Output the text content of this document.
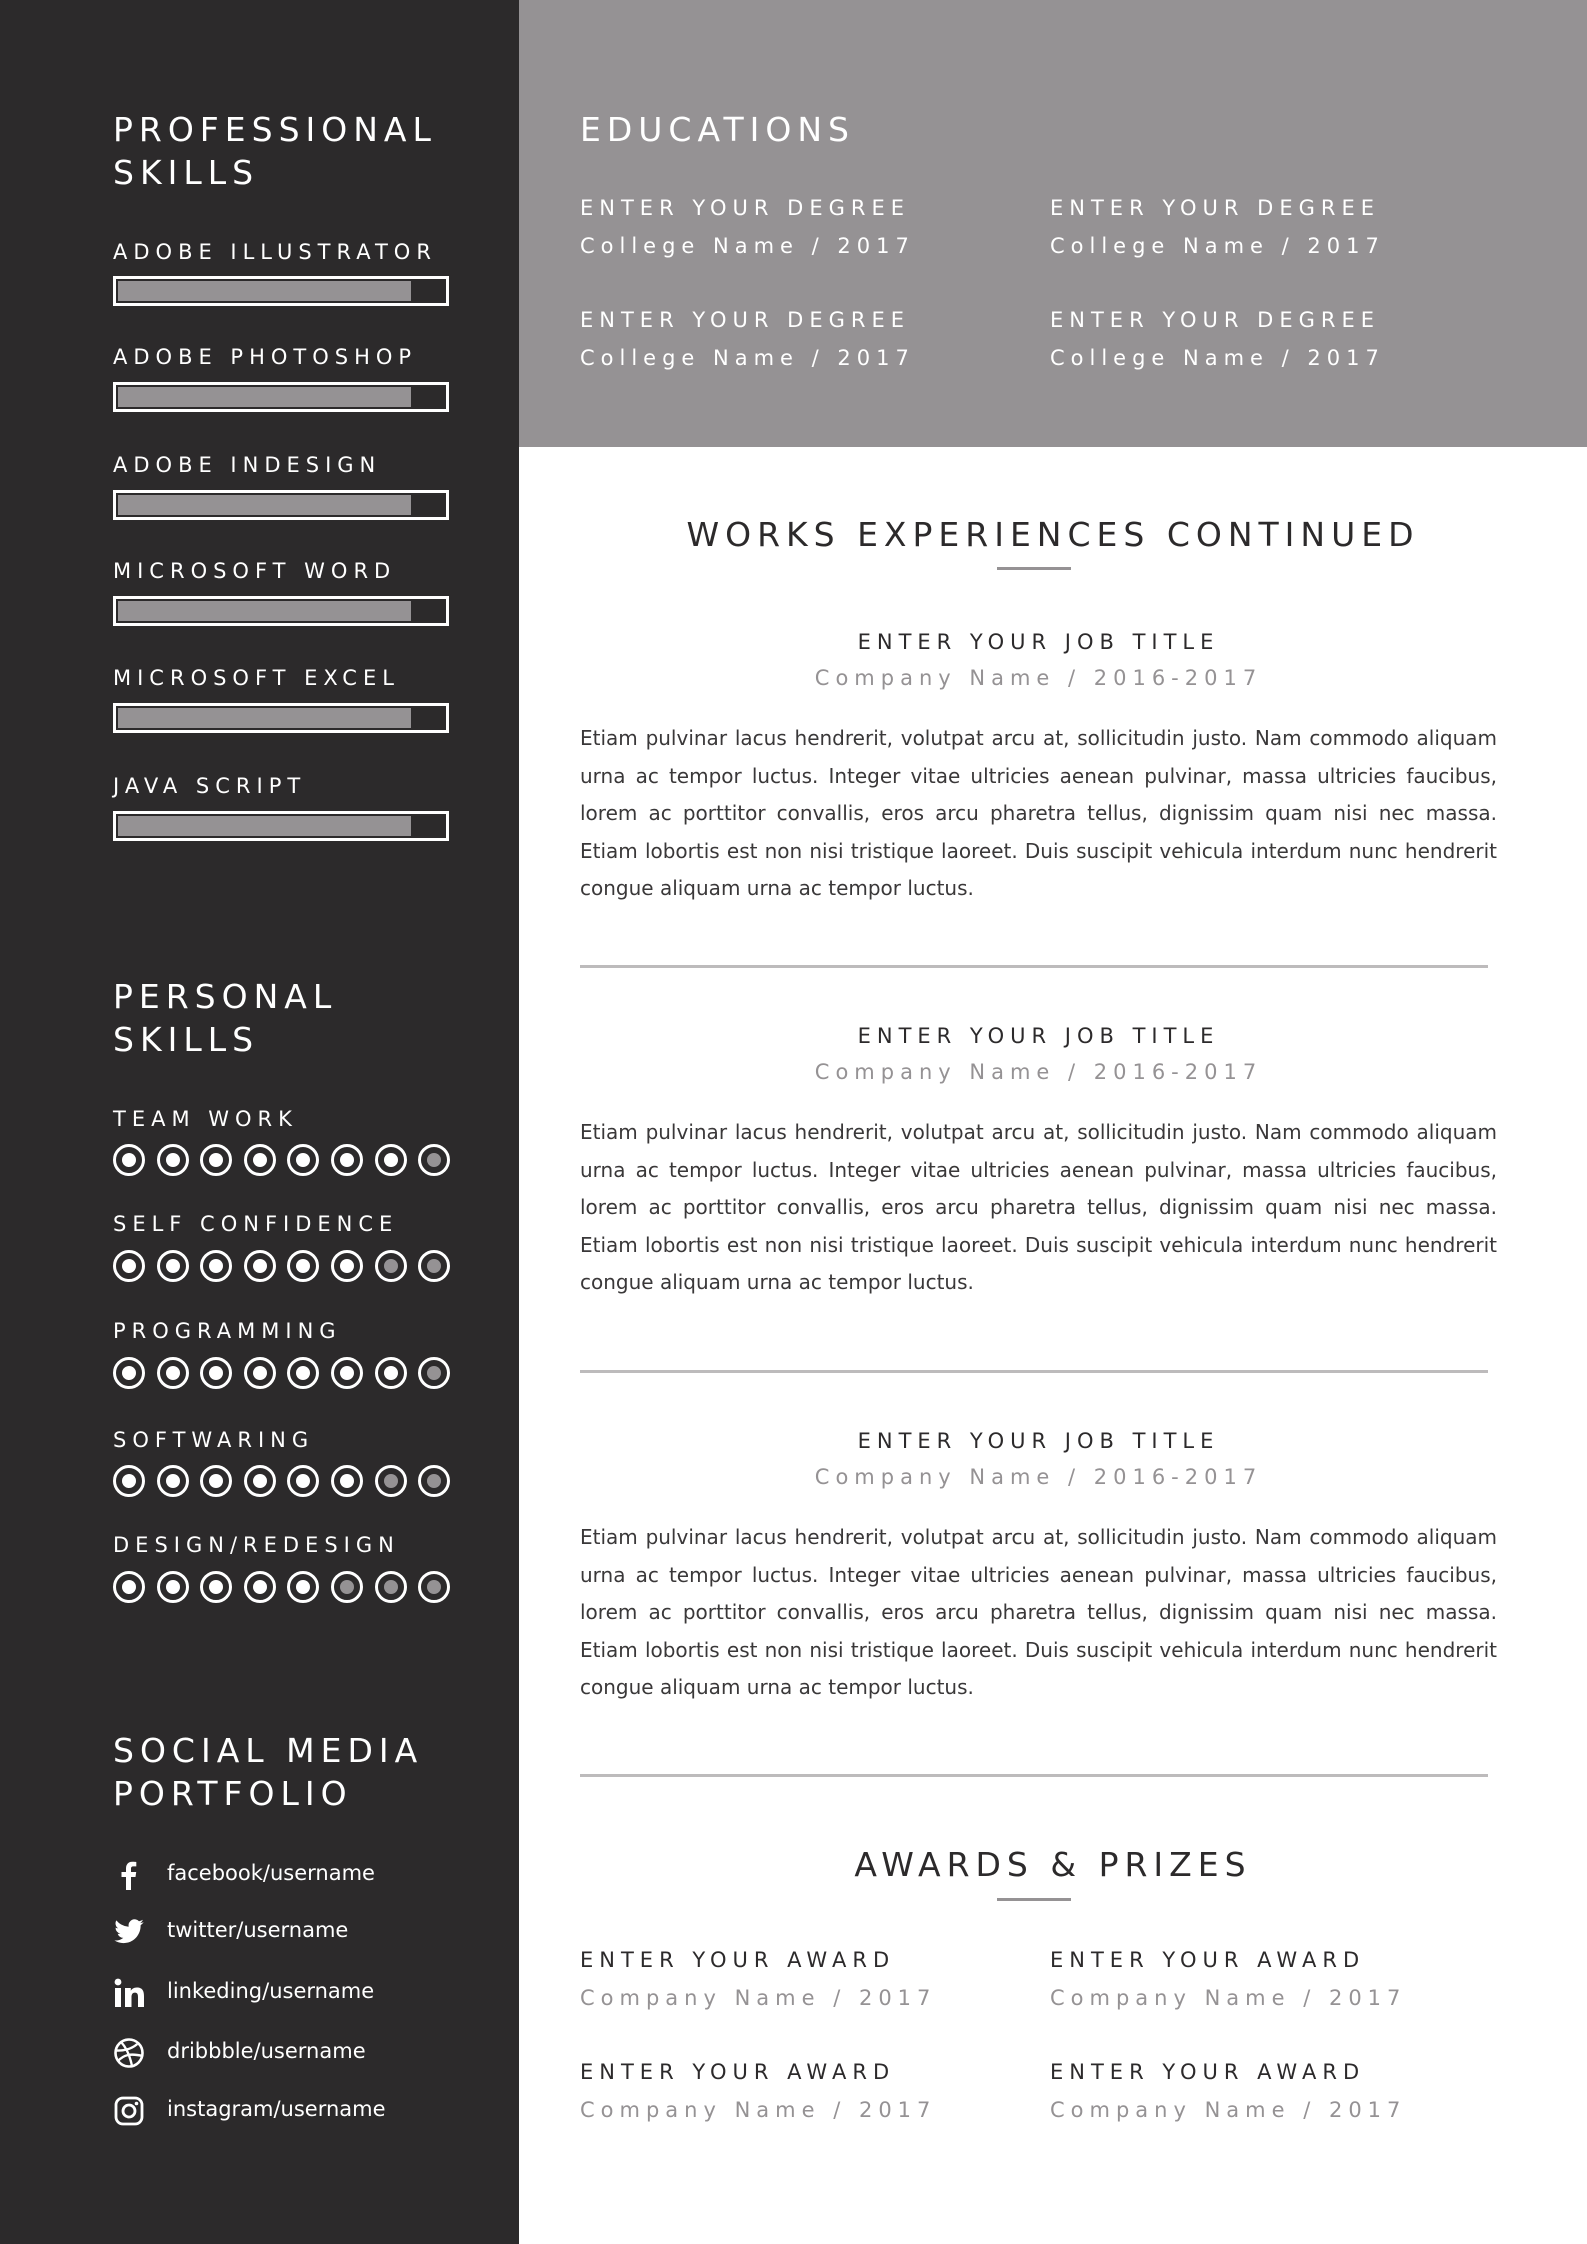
PROFESSIONAL
SKILLS
ADOBE ILLUSTRATOR
ADOBE PHOTOSHOP
ADOBE INDESIGN
MICROSOFT WORD
MICROSOFT EXCEL
JAVA SCRIPT
PERSONAL
SKILLS
TEAM WORK
SELF CONFIDENCE
PROGRAMMING
SOFTWARING
DESIGN/REDESIGN
SOCIAL MEDIA
PORTFOLIO
facebook/username
twitter/username
linkeding/username
dribbble/username
instagram/username
EDUCATIONS
ENTER YOUR DEGREE
College Name / 2017
ENTER YOUR DEGREE
College Name / 2017
ENTER YOUR DEGREE
College Name / 2017
ENTER YOUR DEGREE
College Name / 2017
WORKS EXPERIENCES CONTINUED
ENTER YOUR JOB TITLE
Company Name / 2016-2017
Etiam pulvinar lacus hendrerit, volutpat arcu at, sollicitudin justo. Nam commodo aliquam urna ac tempor luctus. Integer vitae ultricies aenean pulvinar, massa ultricies faucibus, lorem ac porttitor convallis, eros arcu pharetra tellus, dignissim quam nisi nec massa. Etiam lobortis est non nisi tristique laoreet. Duis suscipit vehicula interdum nunc hendrerit congue aliquam urna ac tempor luctus.
ENTER YOUR JOB TITLE
Company Name / 2016-2017
Etiam pulvinar lacus hendrerit, volutpat arcu at, sollicitudin justo. Nam commodo aliquam urna ac tempor luctus. Integer vitae ultricies aenean pulvinar, massa ultricies faucibus, lorem ac porttitor convallis, eros arcu pharetra tellus, dignissim quam nisi nec massa. Etiam lobortis est non nisi tristique laoreet. Duis suscipit vehicula interdum nunc hendrerit congue aliquam urna ac tempor luctus.
ENTER YOUR JOB TITLE
Company Name / 2016-2017
Etiam pulvinar lacus hendrerit, volutpat arcu at, sollicitudin justo. Nam commodo aliquam urna ac tempor luctus. Integer vitae ultricies aenean pulvinar, massa ultricies faucibus, lorem ac porttitor convallis, eros arcu pharetra tellus, dignissim quam nisi nec massa. Etiam lobortis est non nisi tristique laoreet. Duis suscipit vehicula interdum nunc hendrerit congue aliquam urna ac tempor luctus.
AWARDS & PRIZES
ENTER YOUR AWARD
Company Name / 2017
ENTER YOUR AWARD
Company Name / 2017
ENTER YOUR AWARD
Company Name / 2017
ENTER YOUR AWARD
Company Name / 2017
